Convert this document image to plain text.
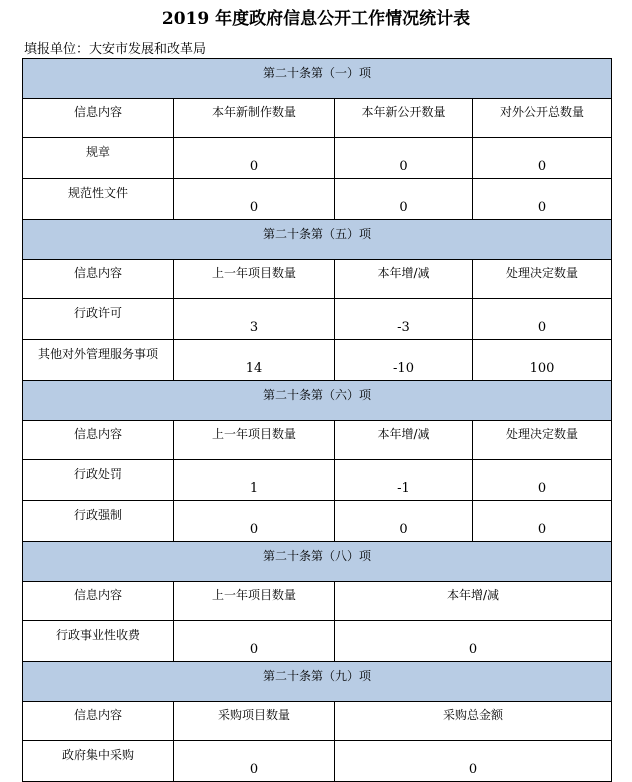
2019 年度政府信息公开工作情况统计表
填报单位：大安市发展和改革局
第二十条第（一）项			
信息内容	本年新制作数量	本年新公开数量	对外公开总数量
规章	0	0	0
规范性文件	0	0	0
第二十条第（五）项			
信息内容	上一年项目数量	本年增/减	处理决定数量
行政许可	3	-3	0
其他对外管理服务事项	14	-10	100
第二十条第（六）项			
信息内容	上一年项目数量	本年增/减	处理决定数量
行政处罚	1	-1	0
行政强制	0	0	0
第二十条第（八）项			
信息内容	上一年项目数量	本年增/减	
行政事业性收费	0	0	
第二十条第（九）项			
信息内容	采购项目数量	采购总金额	
政府集中采购	0	0	
